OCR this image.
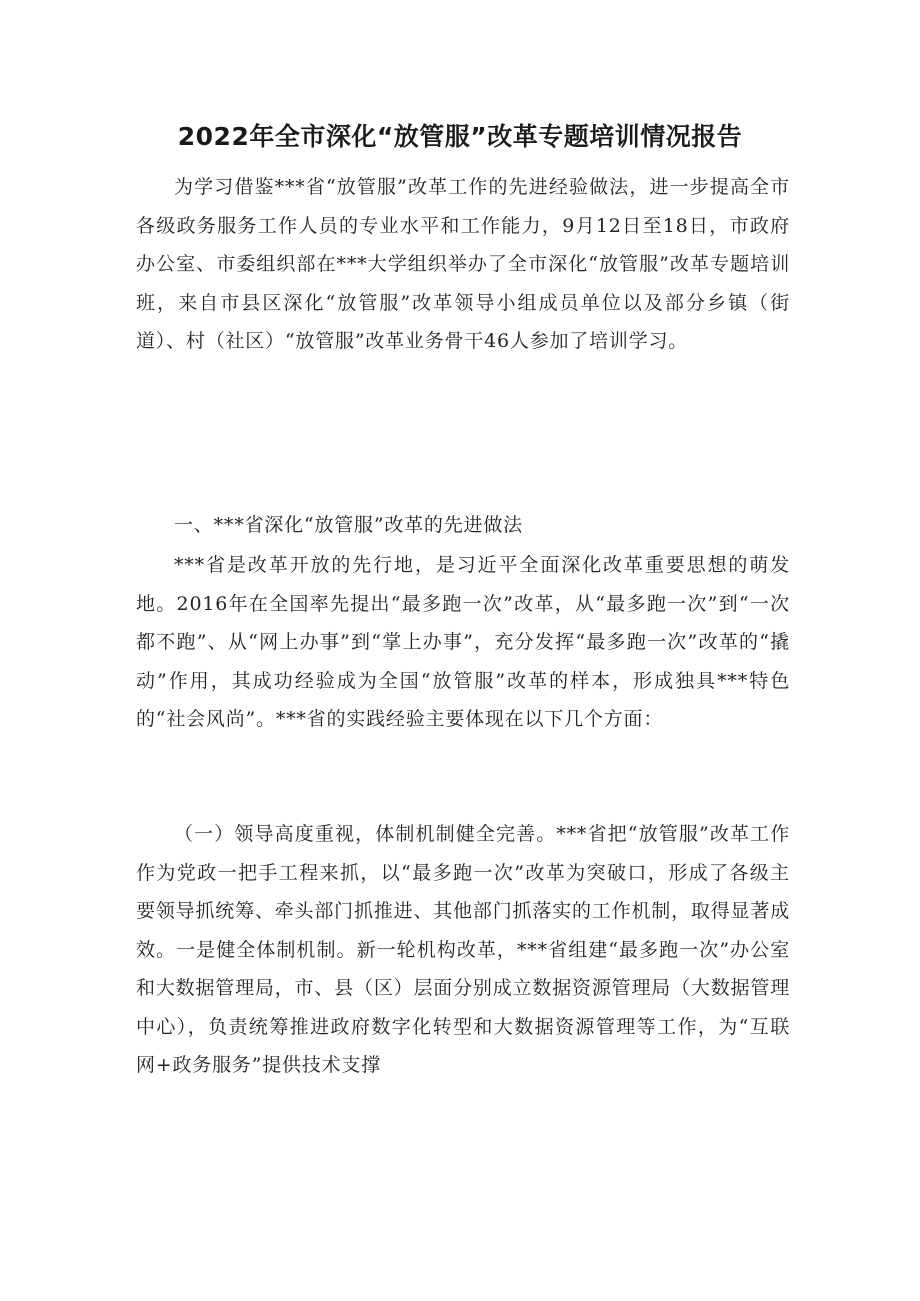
2022年全市深化“放管服”改革专题培训情况报告

为学习借鉴***省“放管服”改革工作的先进经验做法，进一步提高全市各级政务服务工作人员的专业水平和工作能力，9月12日至18日，市政府办公室、市委组织部在***大学组织举办了全市深化“放管服”改革专题培训班，来自市县区深化“放管服”改革领导小组成员单位以及部分乡镇（街道）、村（社区）“放管服”改革业务骨干46人参加了培训学习。

一、***省深化“放管服”改革的先进做法

***省是改革开放的先行地，是习近平全面深化改革重要思想的萌发地。2016年在全国率先提出“最多跑一次”改革，从“最多跑一次”到“一次都不跑”、从“网上办事”到“掌上办事”，充分发挥“最多跑一次”改革的“撬动”作用，其成功经验成为全国“放管服”改革的样本，形成独具***特色的“社会风尚”。***省的实践经验主要体现在以下几个方面：

（一）领导高度重视，体制机制健全完善。***省把“放管服”改革工作作为党政一把手工程来抓，以“最多跑一次”改革为突破口，形成了各级主要领导抓统筹、牵头部门抓推进、其他部门抓落实的工作机制，取得显著成效。一是健全体制机制。新一轮机构改革，***省组建“最多跑一次”办公室和大数据管理局，市、县（区）层面分别成立数据资源管理局（大数据管理中心），负责统筹推进政府数字化转型和大数据资源管理等工作，为“互联网+政务服务”提供技术支撑
